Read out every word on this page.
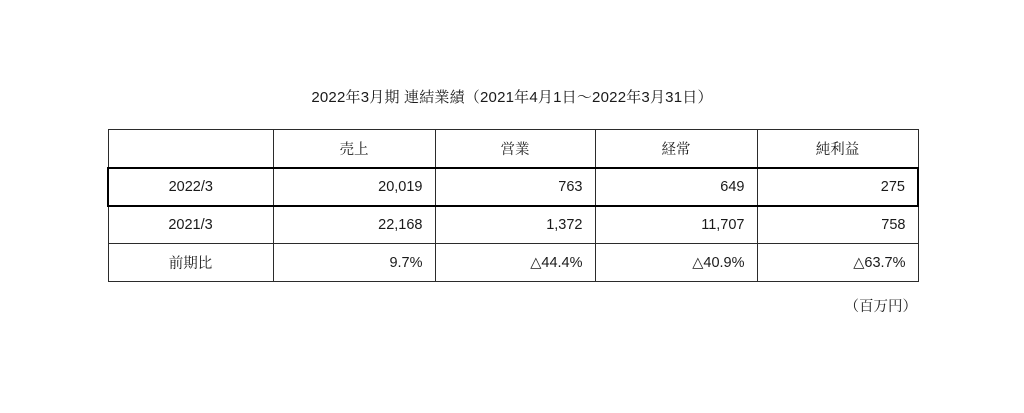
2022年3月期 連結業績（2021年4月1日〜2022年3月31日）
	売上	営業	経常	純利益
2022/3	20,019	763	649	275
2021/3	22,168	1,372	11,707	758
前期比	9.7%	△44.4%	△40.9%	△63.7%
（百万円）
